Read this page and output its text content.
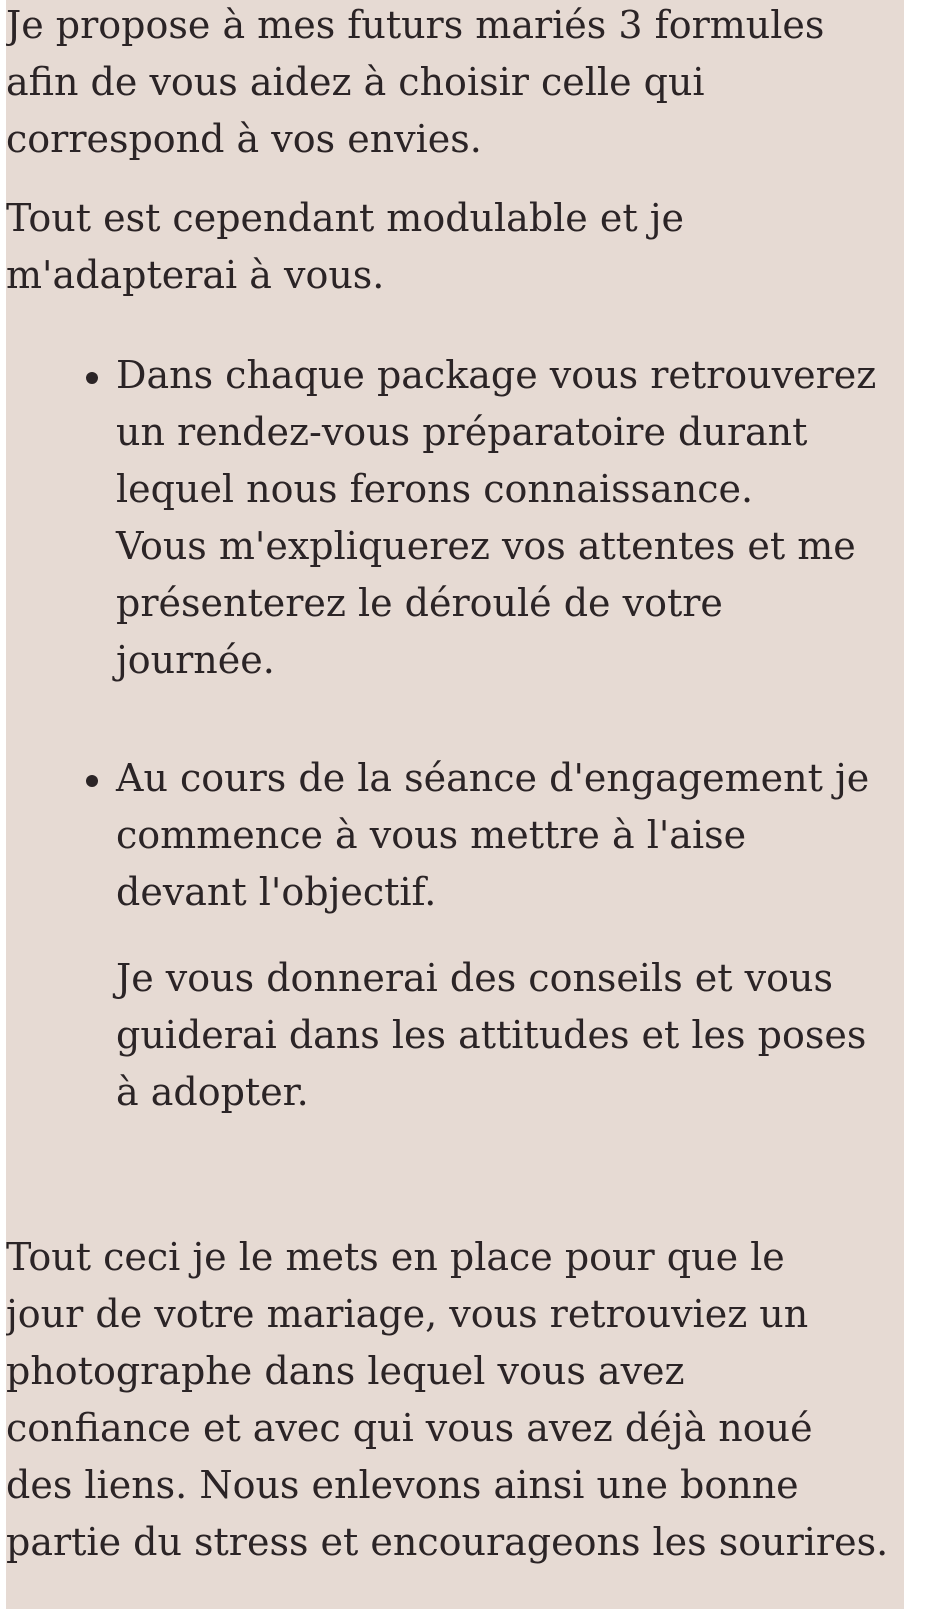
Je propose à mes futurs mariés 3 formules
afin de vous aidez à choisir celle qui
correspond à vos envies.

Tout est cependant modulable et je
m'adapterai à vous.

Dans chaque package vous retrouverez
un rendez-vous préparatoire durant
lequel nous ferons connaissance.
Vous m'expliquerez vos attentes et me
présenterez le déroulé de votre
journée.

Au cours de la séance d'engagement je
commence à vous mettre à l'aise
devant l'objectif.

Je vous donnerai des conseils et vous
guiderai dans les attitudes et les poses
à adopter.

Tout ceci je le mets en place pour que le
jour de votre mariage, vous retrouviez un
photographe dans lequel vous avez
confiance et avec qui vous avez déjà noué
des liens. Nous enlevons ainsi une bonne
partie du stress et encourageons les sourires.
